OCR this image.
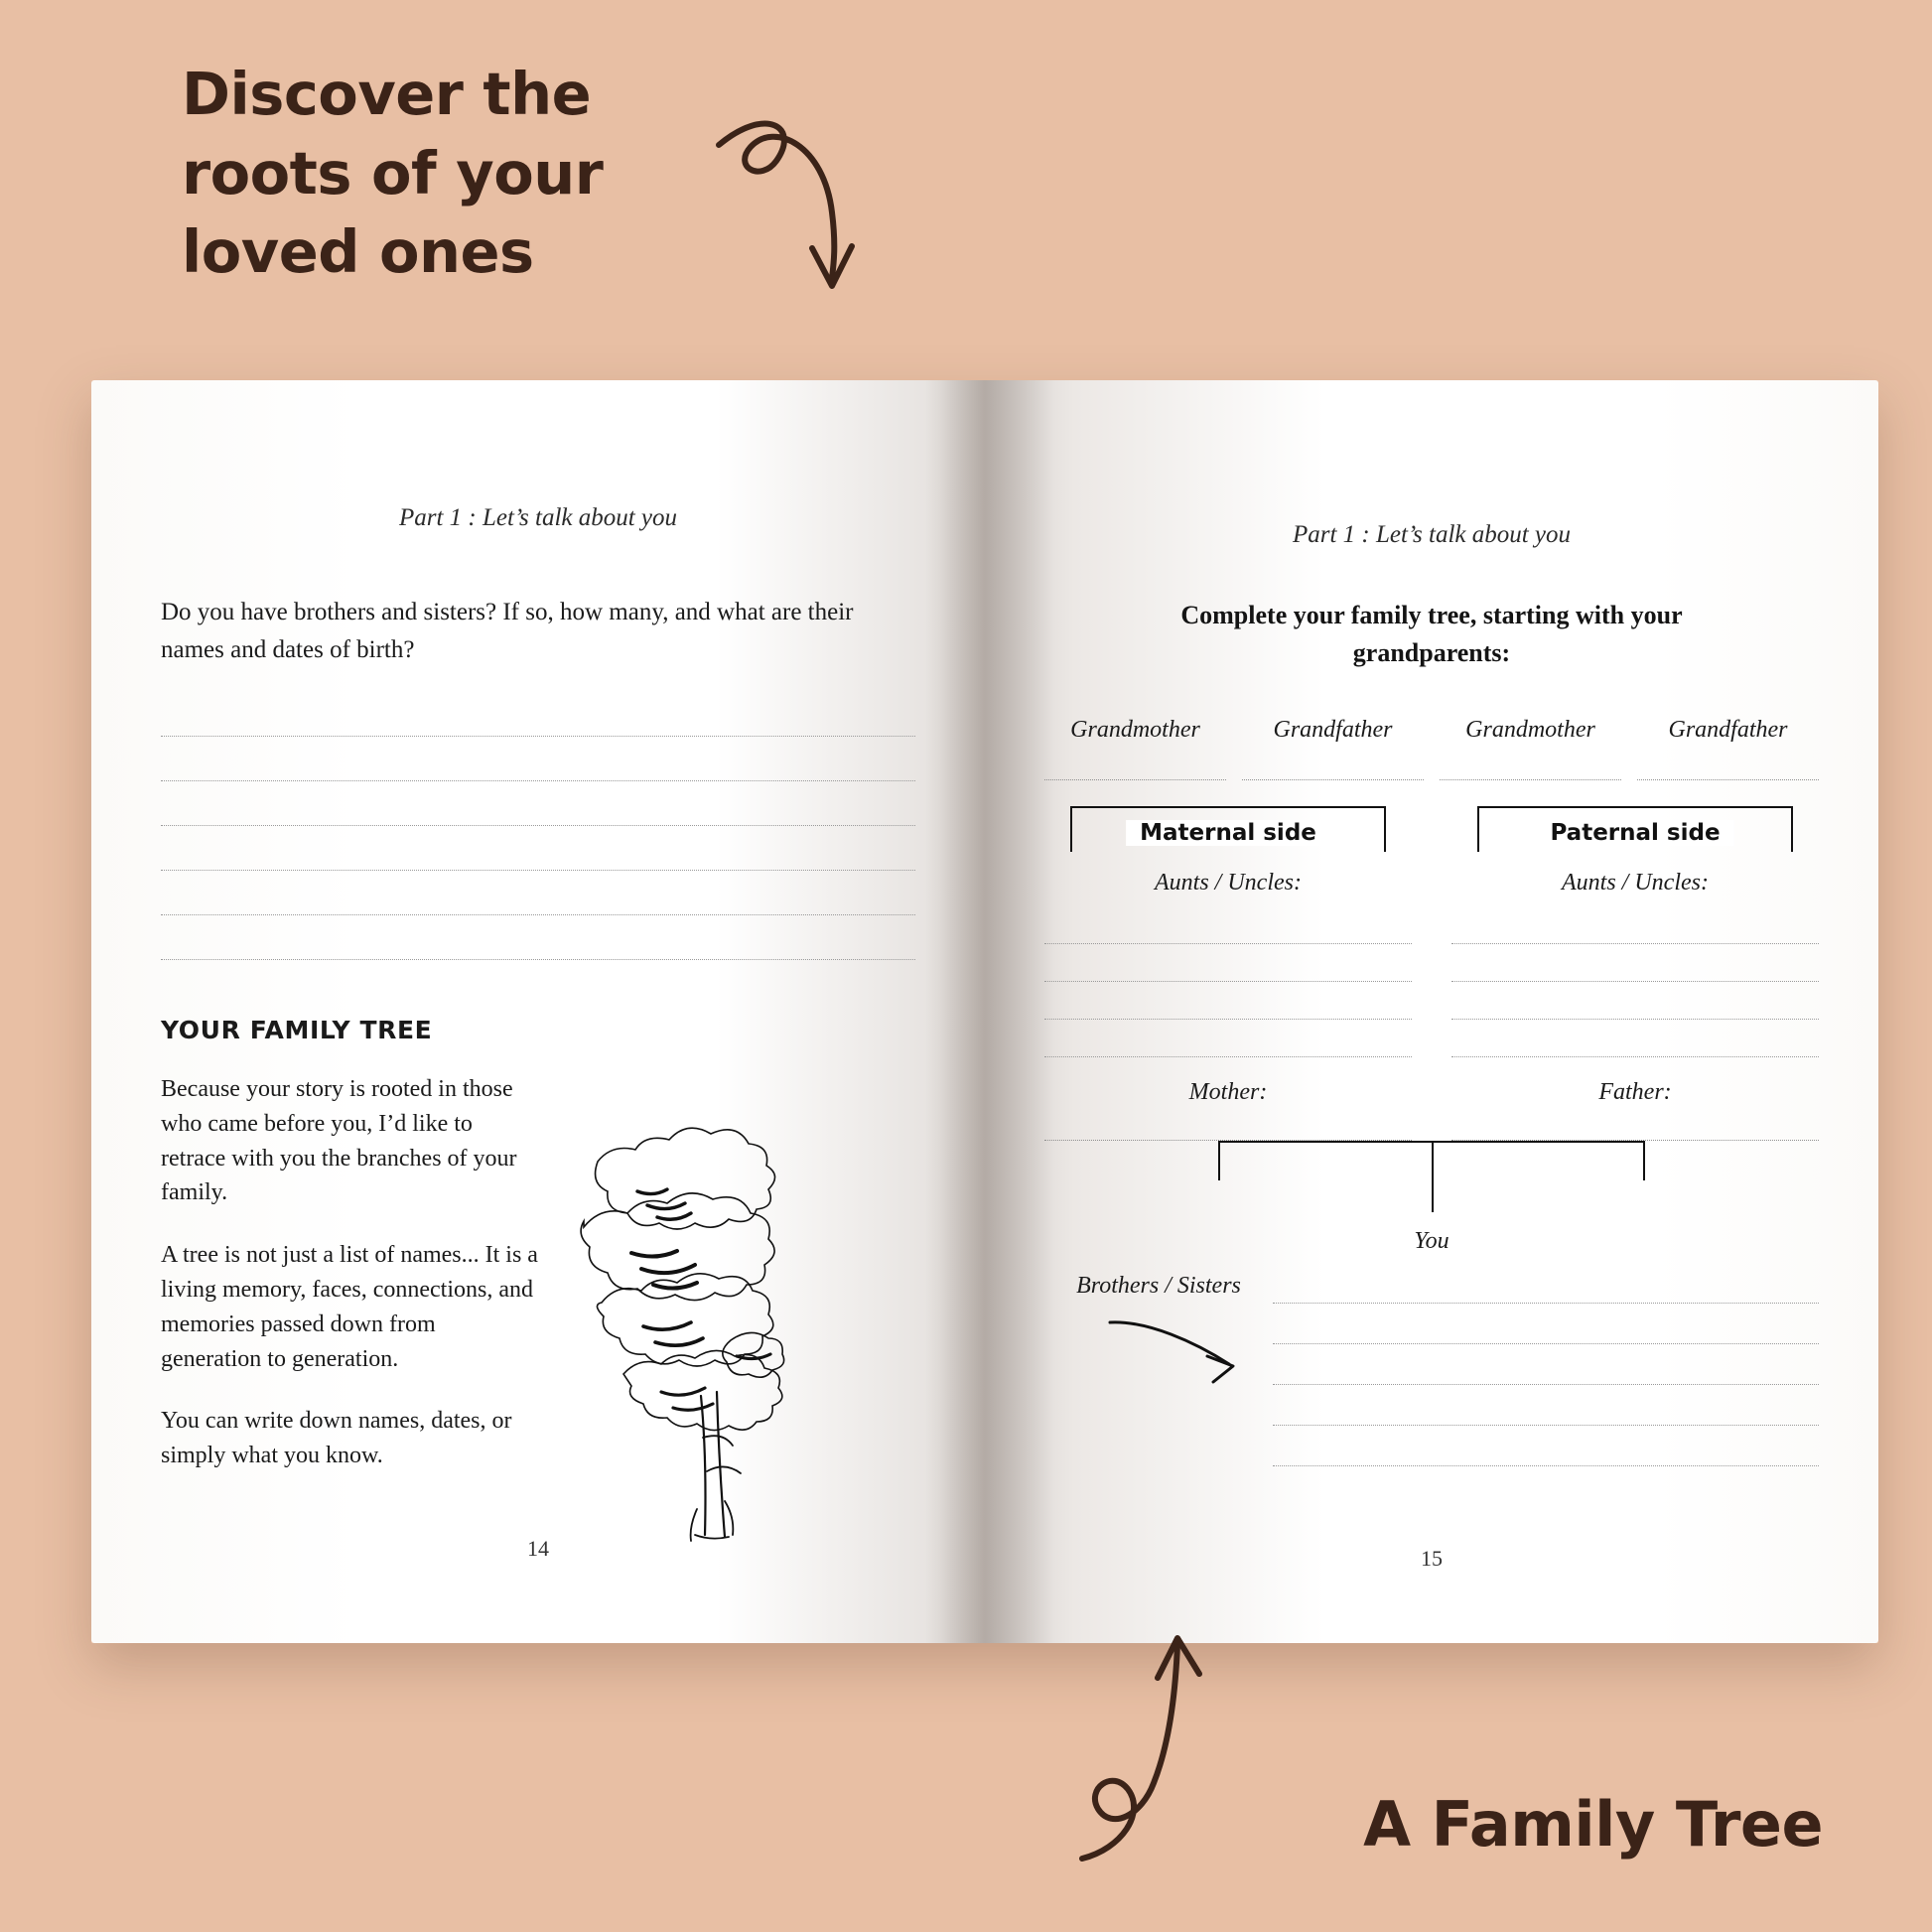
Discover the
roots of your
loved ones
Part 1 : Let’s talk about you
Do you have brothers and sisters? If so, how many, and what are their names and dates of birth?
YOUR FAMILY TREE

Because your story is rooted in those who came before you, I’d like to retrace with you the branches of your family.

A tree is not just a list of names... It is a living memory, faces, connections, and memories passed down from generation to generation.

You can write down names, dates, or simply what you know.

14
Part 1 : Let’s talk about you
Complete your family tree, starting with your grandparents:
Grandmother	Grandfather	Grandmother	Grandfather
Maternal side
Aunts / Uncles:
Mother:
Paternal side
Aunts / Uncles:
Father:
You
Brothers / Sisters
15
A Family Tree
